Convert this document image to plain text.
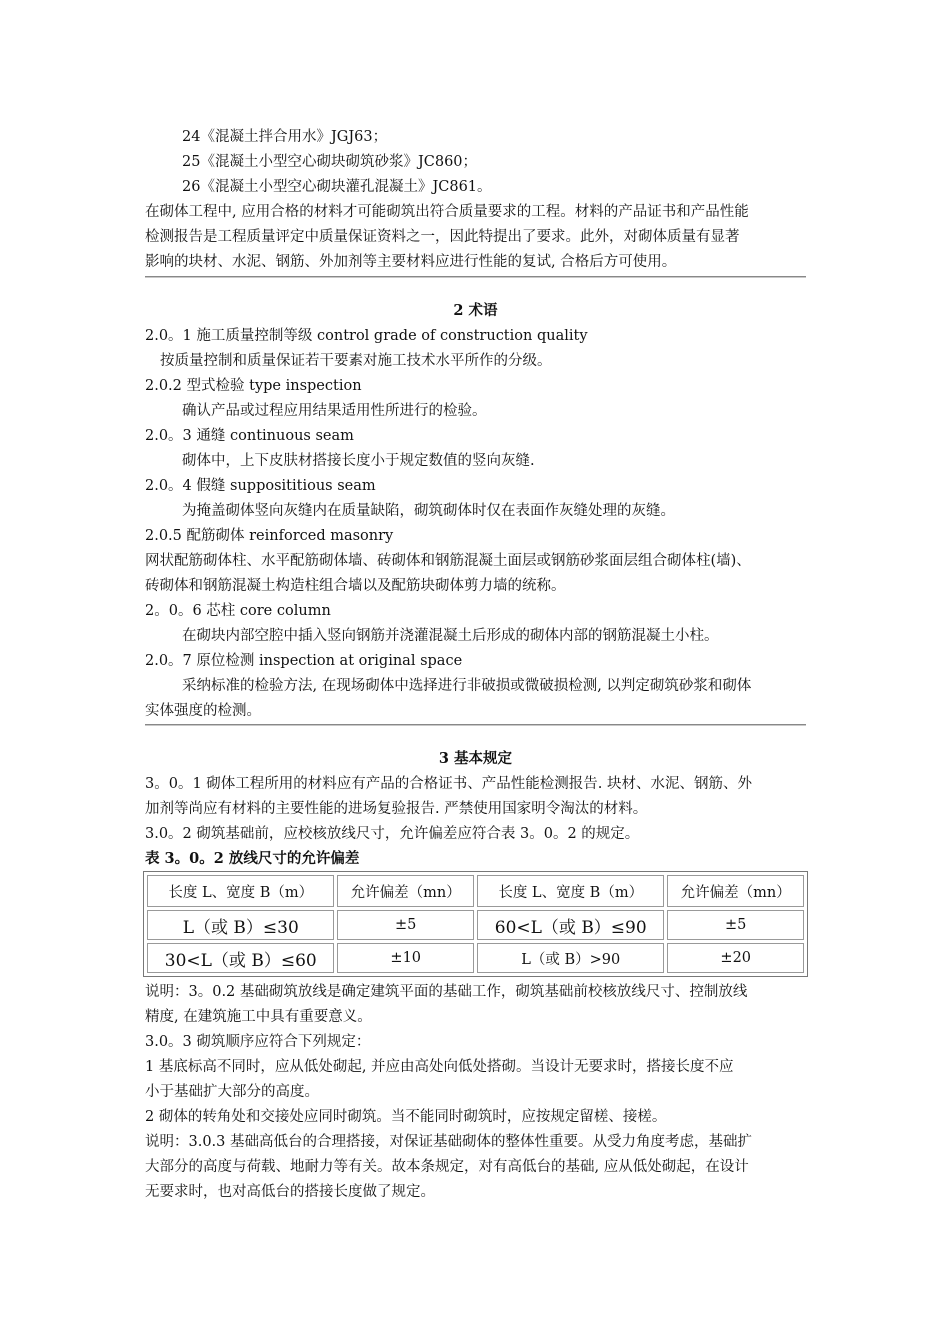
24《混凝土拌合用水》JGJ63；
25《混凝土小型空心砌块砌筑砂浆》JC860；
26《混凝土小型空心砌块灌孔混凝土》JC861。
在砌体工程中, 应用合格的材料才可能砌筑出符合质量要求的工程。材料的产品证书和产品性能
检测报告是工程质量评定中质量保证资料之一，因此特提出了要求。此外，对砌体质量有显著
影响的块材、水泥、钢筋、外加剂等主要材料应进行性能的复试, 合格后方可使用。
2 术语
2.0。1 施工质量控制等级 control grade of construction quality
按质量控制和质量保证若干要素对施工技术水平所作的分级。
2.0.2 型式检验 type inspection
确认产品或过程应用结果适用性所进行的检验。
2.0。3 通缝 continuous seam
砌体中，上下皮肤材搭接长度小于规定数值的竖向灰缝.
2.0。4 假缝 supposititious seam
为掩盖砌体竖向灰缝内在质量缺陷，砌筑砌体时仅在表面作灰缝处理的灰缝。
2.0.5 配筋砌体 reinforced masonry
网状配筋砌体柱、水平配筋砌体墙、砖砌体和钢筋混凝土面层或钢筋砂浆面层组合砌体柱(墙)、
砖砌体和钢筋混凝土构造柱组合墙以及配筋块砌体剪力墙的统称。
2。0。6 芯柱 core column
在砌块内部空腔中插入竖向钢筋并浇灌混凝土后形成的砌体内部的钢筋混凝土小柱。
2.0。7 原位检测 inspection at original space
采纳标准的检验方法, 在现场砌体中选择进行非破损或微破损检测, 以判定砌筑砂浆和砌体
实体强度的检测。
3 基本规定
3。0。1 砌体工程所用的材料应有产品的合格证书、产品性能检测报告. 块材、水泥、钢筋、外
加剂等尚应有材料的主要性能的进场复验报告. 严禁使用国家明令淘汰的材料。
3.0。2 砌筑基础前，应校核放线尺寸，允许偏差应符合表 3。0。2 的规定。
表 3。0。2 放线尺寸的允许偏差
长度 L、宽度 B（m）	允许偏差（mn）	长度 L、宽度 B（m）	允许偏差（mn）
L（或 B）≤30	±5	60<L（或 B）≤90	±5
30<L（或 B）≤60	±10	L（或 B）>90	±20
说明：3。0.2 基础砌筑放线是确定建筑平面的基础工作，砌筑基础前校核放线尺寸、控制放线
精度, 在建筑施工中具有重要意义。
3.0。3 砌筑顺序应符合下列规定：
1 基底标高不同时，应从低处砌起, 并应由高处向低处搭砌。当设计无要求时，搭接长度不应
小于基础扩大部分的高度。
2 砌体的转角处和交接处应同时砌筑。当不能同时砌筑时，应按规定留槎、接槎。
说明：3.0.3 基础高低台的合理搭接，对保证基础砌体的整体性重要。从受力角度考虑，基础扩
大部分的高度与荷载、地耐力等有关。故本条规定，对有高低台的基础, 应从低处砌起，在设计
无要求时，也对高低台的搭接长度做了规定。
